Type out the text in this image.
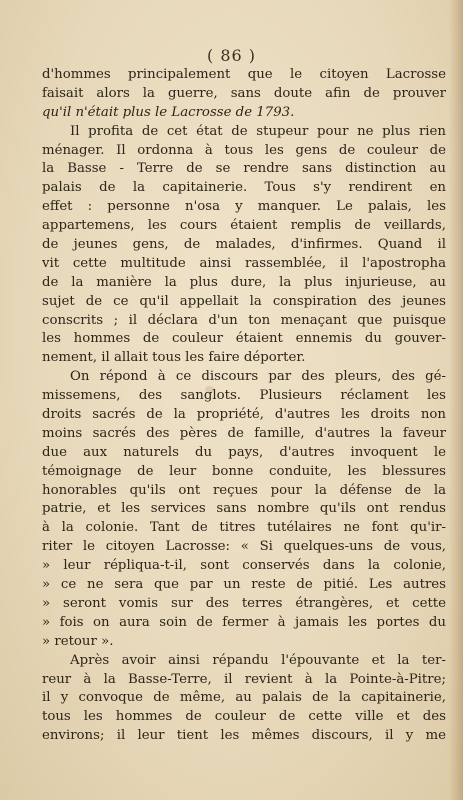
( 86 )
d'hommes principalement que le citoyen Lacrosse
faisait alors la guerre, sans doute afin de prouver
qu'il n'était plus le Lacrosse de 1793.
Il profita de cet état de stupeur pour ne plus rien
ménager. Il ordonna à tous les gens de couleur de
la Basse - Terre de se rendre sans distinction au
palais de la capitainerie. Tous s'y rendirent en
effet : personne n'osa y manquer. Le palais, les
appartemens, les cours étaient remplis de veillards,
de jeunes gens, de malades, d'infirmes. Quand il
vit cette multitude ainsi rassemblée, il l'apostropha
de la manière la plus dure, la plus injurieuse, au
sujet de ce qu'il appellait la conspiration des jeunes
conscrits ; il déclara d'un ton menaçant que puisque
les hommes de couleur étaient ennemis du gouver-
nement, il allait tous les faire déporter.
On répond à ce discours par des pleurs, des gé-
missemens, des sanglots. Plusieurs réclament les
droits sacrés de la propriété, d'autres les droits non
moins sacrés des pères de famille, d'autres la faveur
due aux naturels du pays, d'autres invoquent le
témoignage de leur bonne conduite, les blessures
honorables qu'ils ont reçues pour la défense de la
patrie, et les services sans nombre qu'ils ont rendus
à la colonie. Tant de titres tutélaires ne font qu'ir-
riter le citoyen Lacrosse: « Si quelques-uns de vous,
» leur répliqua-t-il, sont conservés dans la colonie,
» ce ne sera que par un reste de pitié. Les autres
» seront vomis sur des terres étrangères, et cette
» fois on aura soin de fermer à jamais les portes du
» retour ».
Après avoir ainsi répandu l'épouvante et la ter-
reur à la Basse-Terre, il revient à la Pointe-à-Pitre;
il y convoque de même, au palais de la capitainerie,
tous les hommes de couleur de cette ville et des
environs; il leur tient les mêmes discours, il y me
